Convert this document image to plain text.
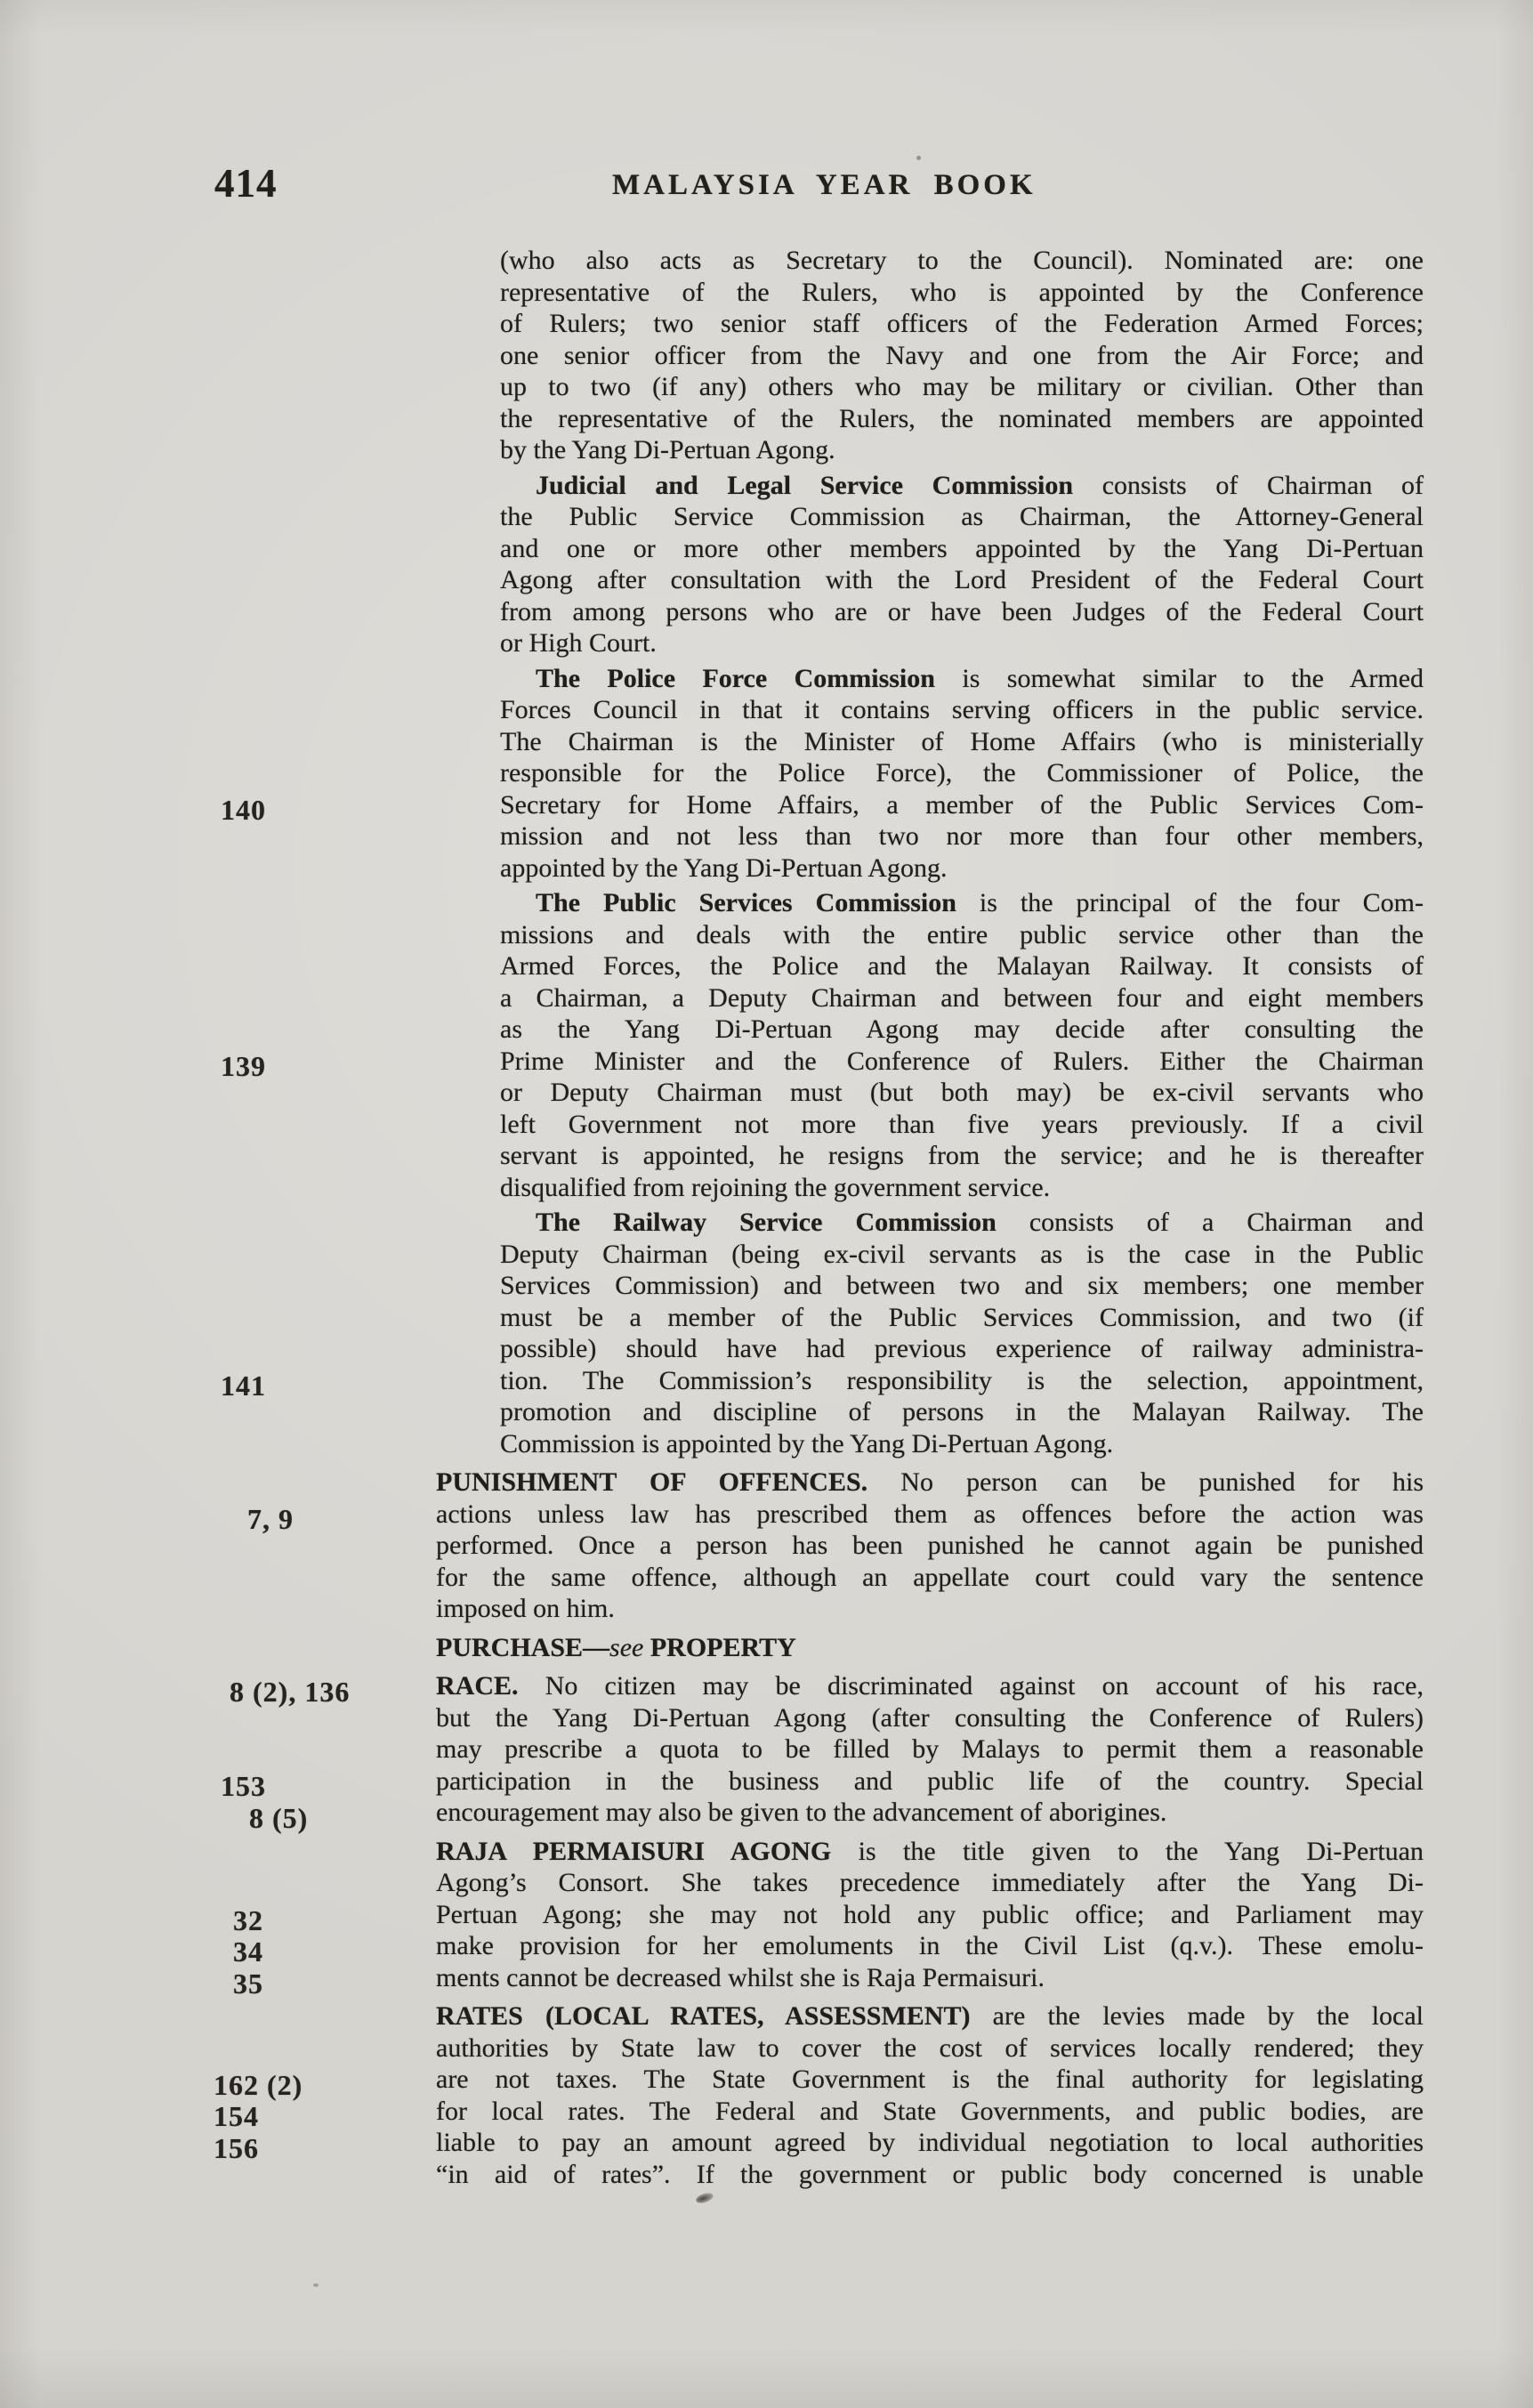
414	MALAYSIA YEAR BOOK
140
139
141
7, 9
8 (2), 136
153
8 (5)
32
34
35
162 (2)
154
156
(who also acts as Secretary to the Council). Nominated are: one
representative of the Rulers, who is appointed by the Conference
of Rulers; two senior staff officers of the Federation Armed Forces;
one senior officer from the Navy and one from the Air Force; and
up to two (if any) others who may be military or civilian. Other than
the representative of the Rulers, the nominated members are appointed
by the Yang Di-Pertuan Agong.
Judicial and Legal Service Commission consists of Chairman of
the Public Service Commission as Chairman, the Attorney-General
and one or more other members appointed by the Yang Di-Pertuan
Agong after consultation with the Lord President of the Federal Court
from among persons who are or have been Judges of the Federal Court
or High Court.
The Police Force Commission is somewhat similar to the Armed
Forces Council in that it contains serving officers in the public service.
The Chairman is the Minister of Home Affairs (who is ministerially
responsible for the Police Force), the Commissioner of Police, the
Secretary for Home Affairs, a member of the Public Services Com-
mission and not less than two nor more than four other members,
appointed by the Yang Di-Pertuan Agong.
The Public Services Commission is the principal of the four Com-
missions and deals with the entire public service other than the
Armed Forces, the Police and the Malayan Railway. It consists of
a Chairman, a Deputy Chairman and between four and eight members
as the Yang Di-Pertuan Agong may decide after consulting the
Prime Minister and the Conference of Rulers. Either the Chairman
or Deputy Chairman must (but both may) be ex-civil servants who
left Government not more than five years previously. If a civil
servant is appointed, he resigns from the service; and he is thereafter
disqualified from rejoining the government service.
The Railway Service Commission consists of a Chairman and
Deputy Chairman (being ex-civil servants as is the case in the Public
Services Commission) and between two and six members; one member
must be a member of the Public Services Commission, and two (if
possible) should have had previous experience of railway administra-
tion. The Commission’s responsibility is the selection, appointment,
promotion and discipline of persons in the Malayan Railway. The
Commission is appointed by the Yang Di-Pertuan Agong.
PUNISHMENT OF OFFENCES. No person can be punished for his
actions unless law has prescribed them as offences before the action was
performed. Once a person has been punished he cannot again be punished
for the same offence, although an appellate court could vary the sentence
imposed on him.
PURCHASE—see PROPERTY
RACE. No citizen may be discriminated against on account of his race,
but the Yang Di-Pertuan Agong (after consulting the Conference of Rulers)
may prescribe a quota to be filled by Malays to permit them a reasonable
participation in the business and public life of the country. Special
encouragement may also be given to the advancement of aborigines.
RAJA PERMAISURI AGONG is the title given to the Yang Di-Pertuan
Agong’s Consort. She takes precedence immediately after the Yang Di-
Pertuan Agong; she may not hold any public office; and Parliament may
make provision for her emoluments in the Civil List (q.v.). These emolu-
ments cannot be decreased whilst she is Raja Permaisuri.
RATES (LOCAL RATES, ASSESSMENT) are the levies made by the local
authorities by State law to cover the cost of services locally rendered; they
are not taxes. The State Government is the final authority for legislating
for local rates. The Federal and State Governments, and public bodies, are
liable to pay an amount agreed by individual negotiation to local authorities
“in aid of rates”. If the government or public body concerned is unable
